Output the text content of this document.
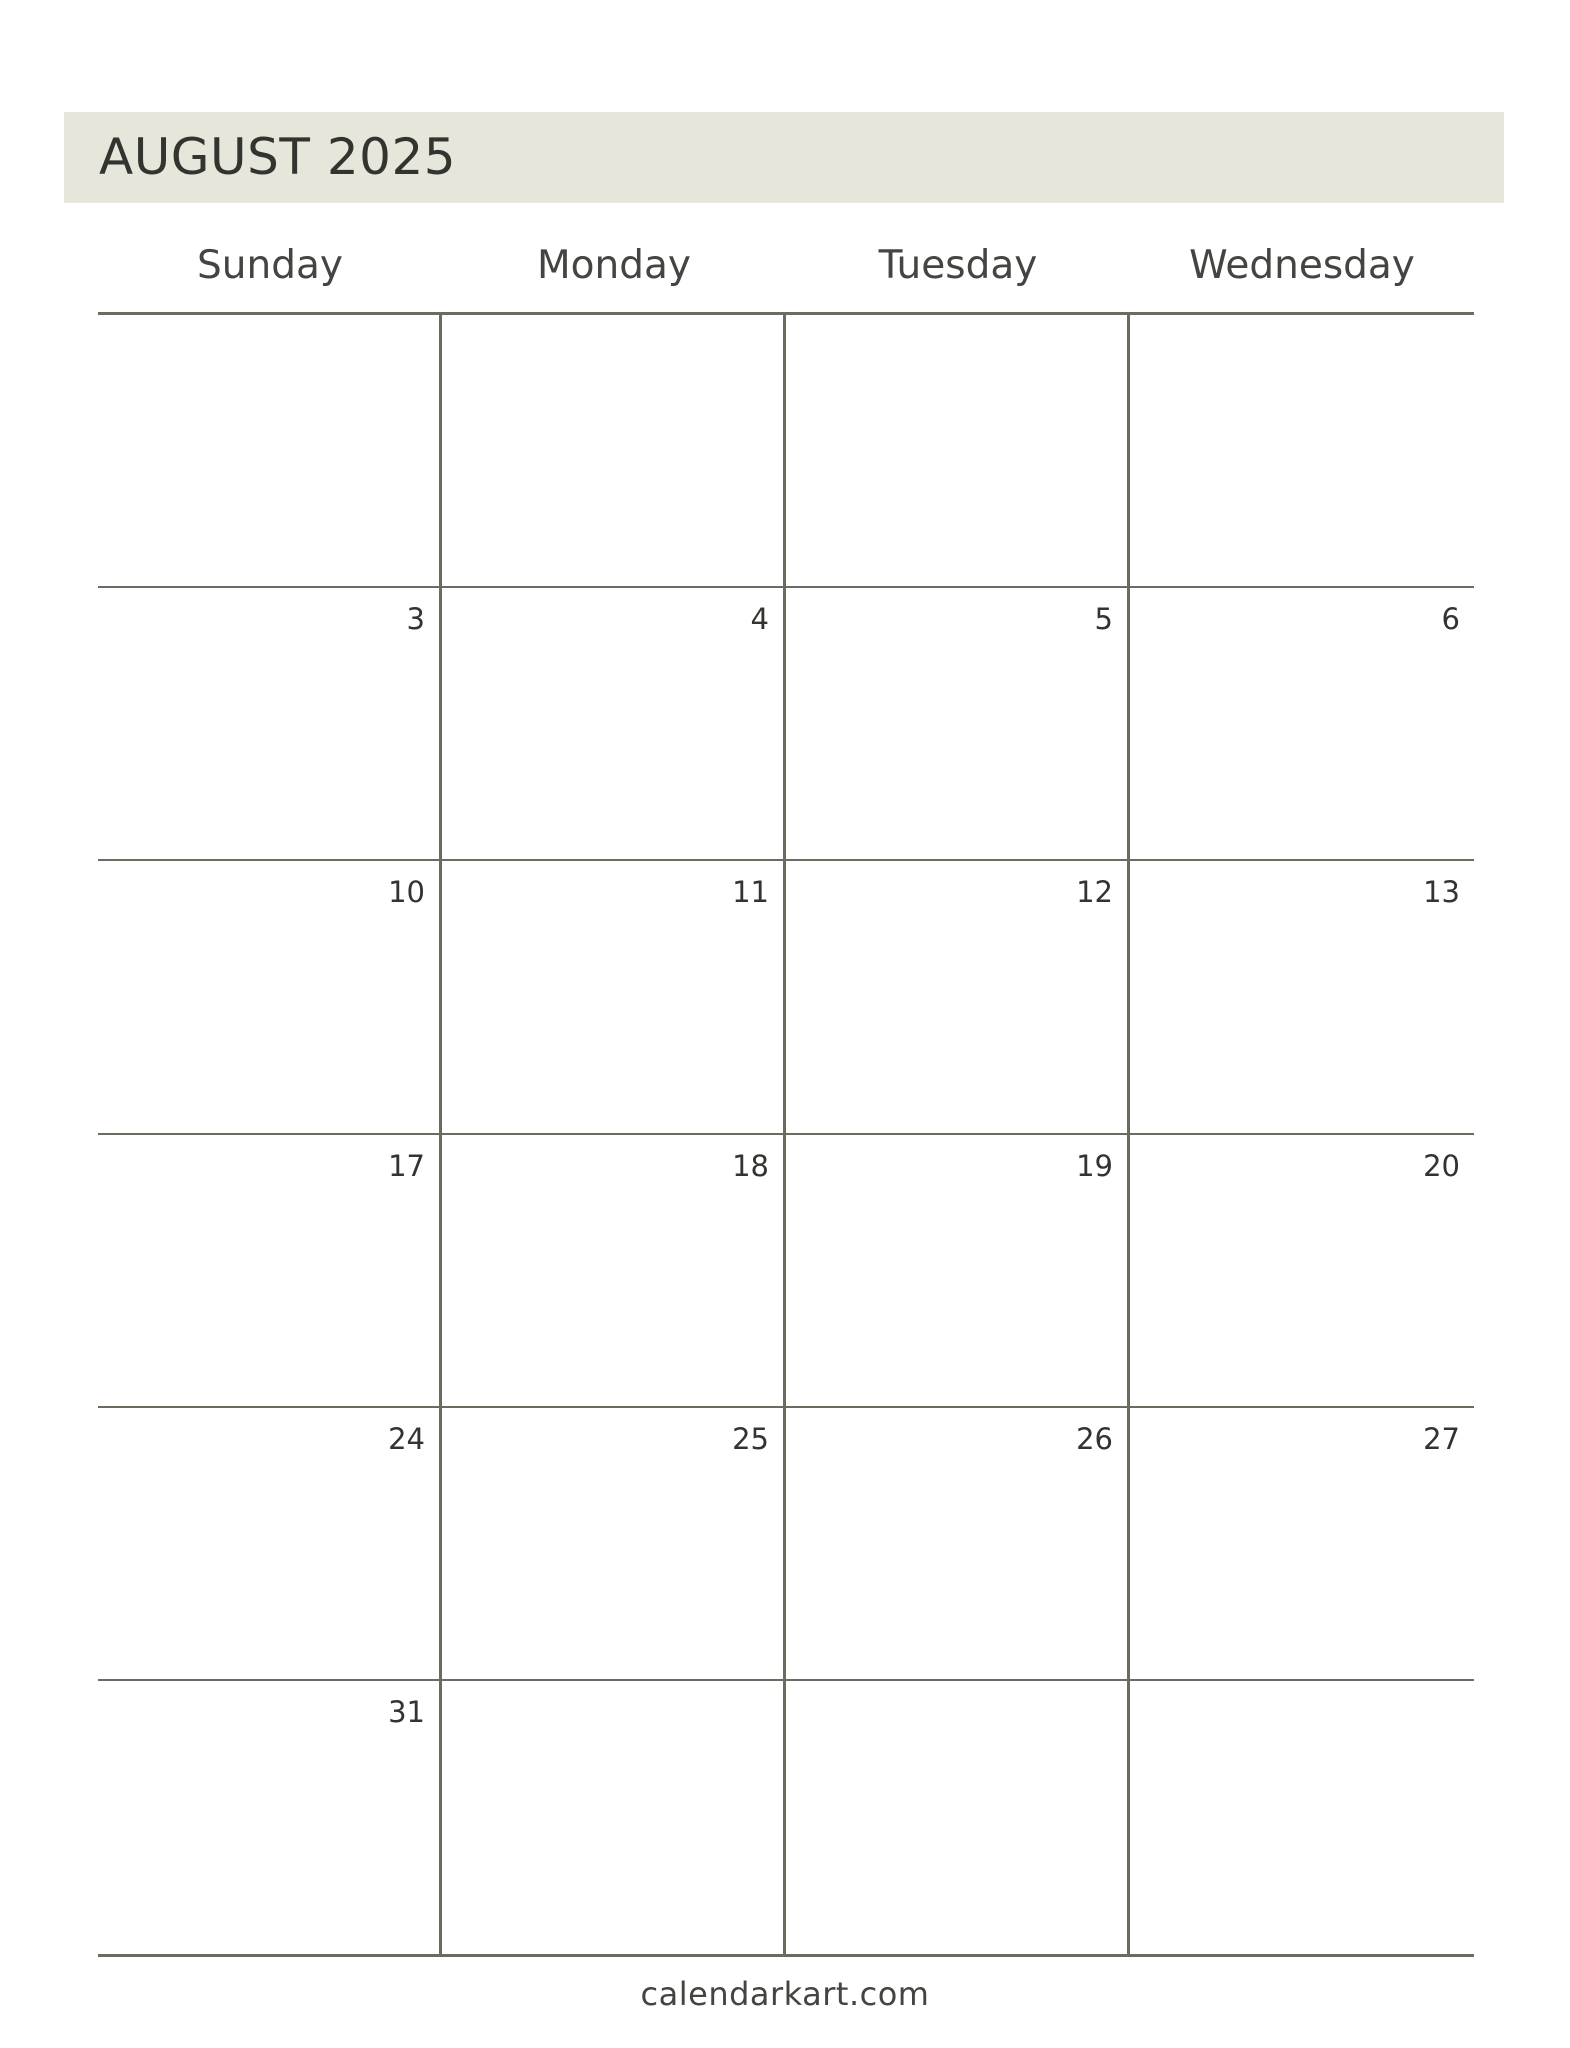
AUGUST 2025
Sunday	Monday	Tuesday	Wednesday
3	4	5	6
10	11	12	13
17	18	19	20
24	25	26	27
31
calendarkart.com
